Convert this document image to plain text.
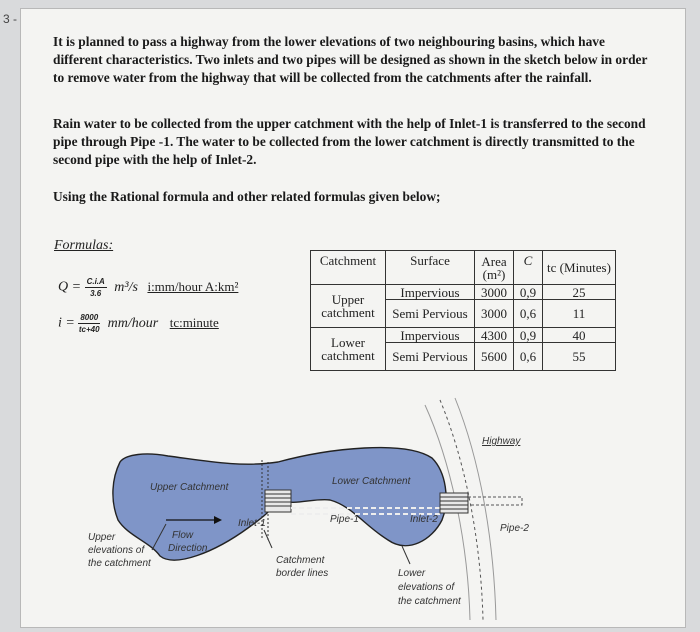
3 -

It is planned to pass a highway from the lower elevations of two neighbouring basins, which have different characteristics. Two inlets and two pipes will be designed as shown in the sketch below in order to remove water from the highway that will be collected from the catchments after the rainfall.

Rain water to be collected from the upper catchment with the help of Inlet-1 is transferred to the second pipe through Pipe -1. The water to be collected from the lower catchment is directly transmitted to the second pipe with the help of Inlet-2.

Using the Rational formula and other related formulas given below;

Formulas:
$Q = \frac{C.i.A}{3.6} m^3/s$ i:mm/hour A:km²
$i = \frac{8000}{tc+40}$ mm/hour tc:minute
Catchment	Surface	Area (m²)	C	tc (Minutes)
Upper catchment	Impervious	3000	0,9	25
	Semi Pervious	3000	0,6	11
Lower catchment	Impervious	4300	0,9	40
	Semi Pervious	5600	0,6	55
Highway
Upper Catchment
Lower Catchment
Inlet-1	Pipe-1	Inlet-2
Pipe-2
Flow
Direction
Upper
elevations of
the catchment	Catchment
border lines	Lower
elevations of
the catchment
